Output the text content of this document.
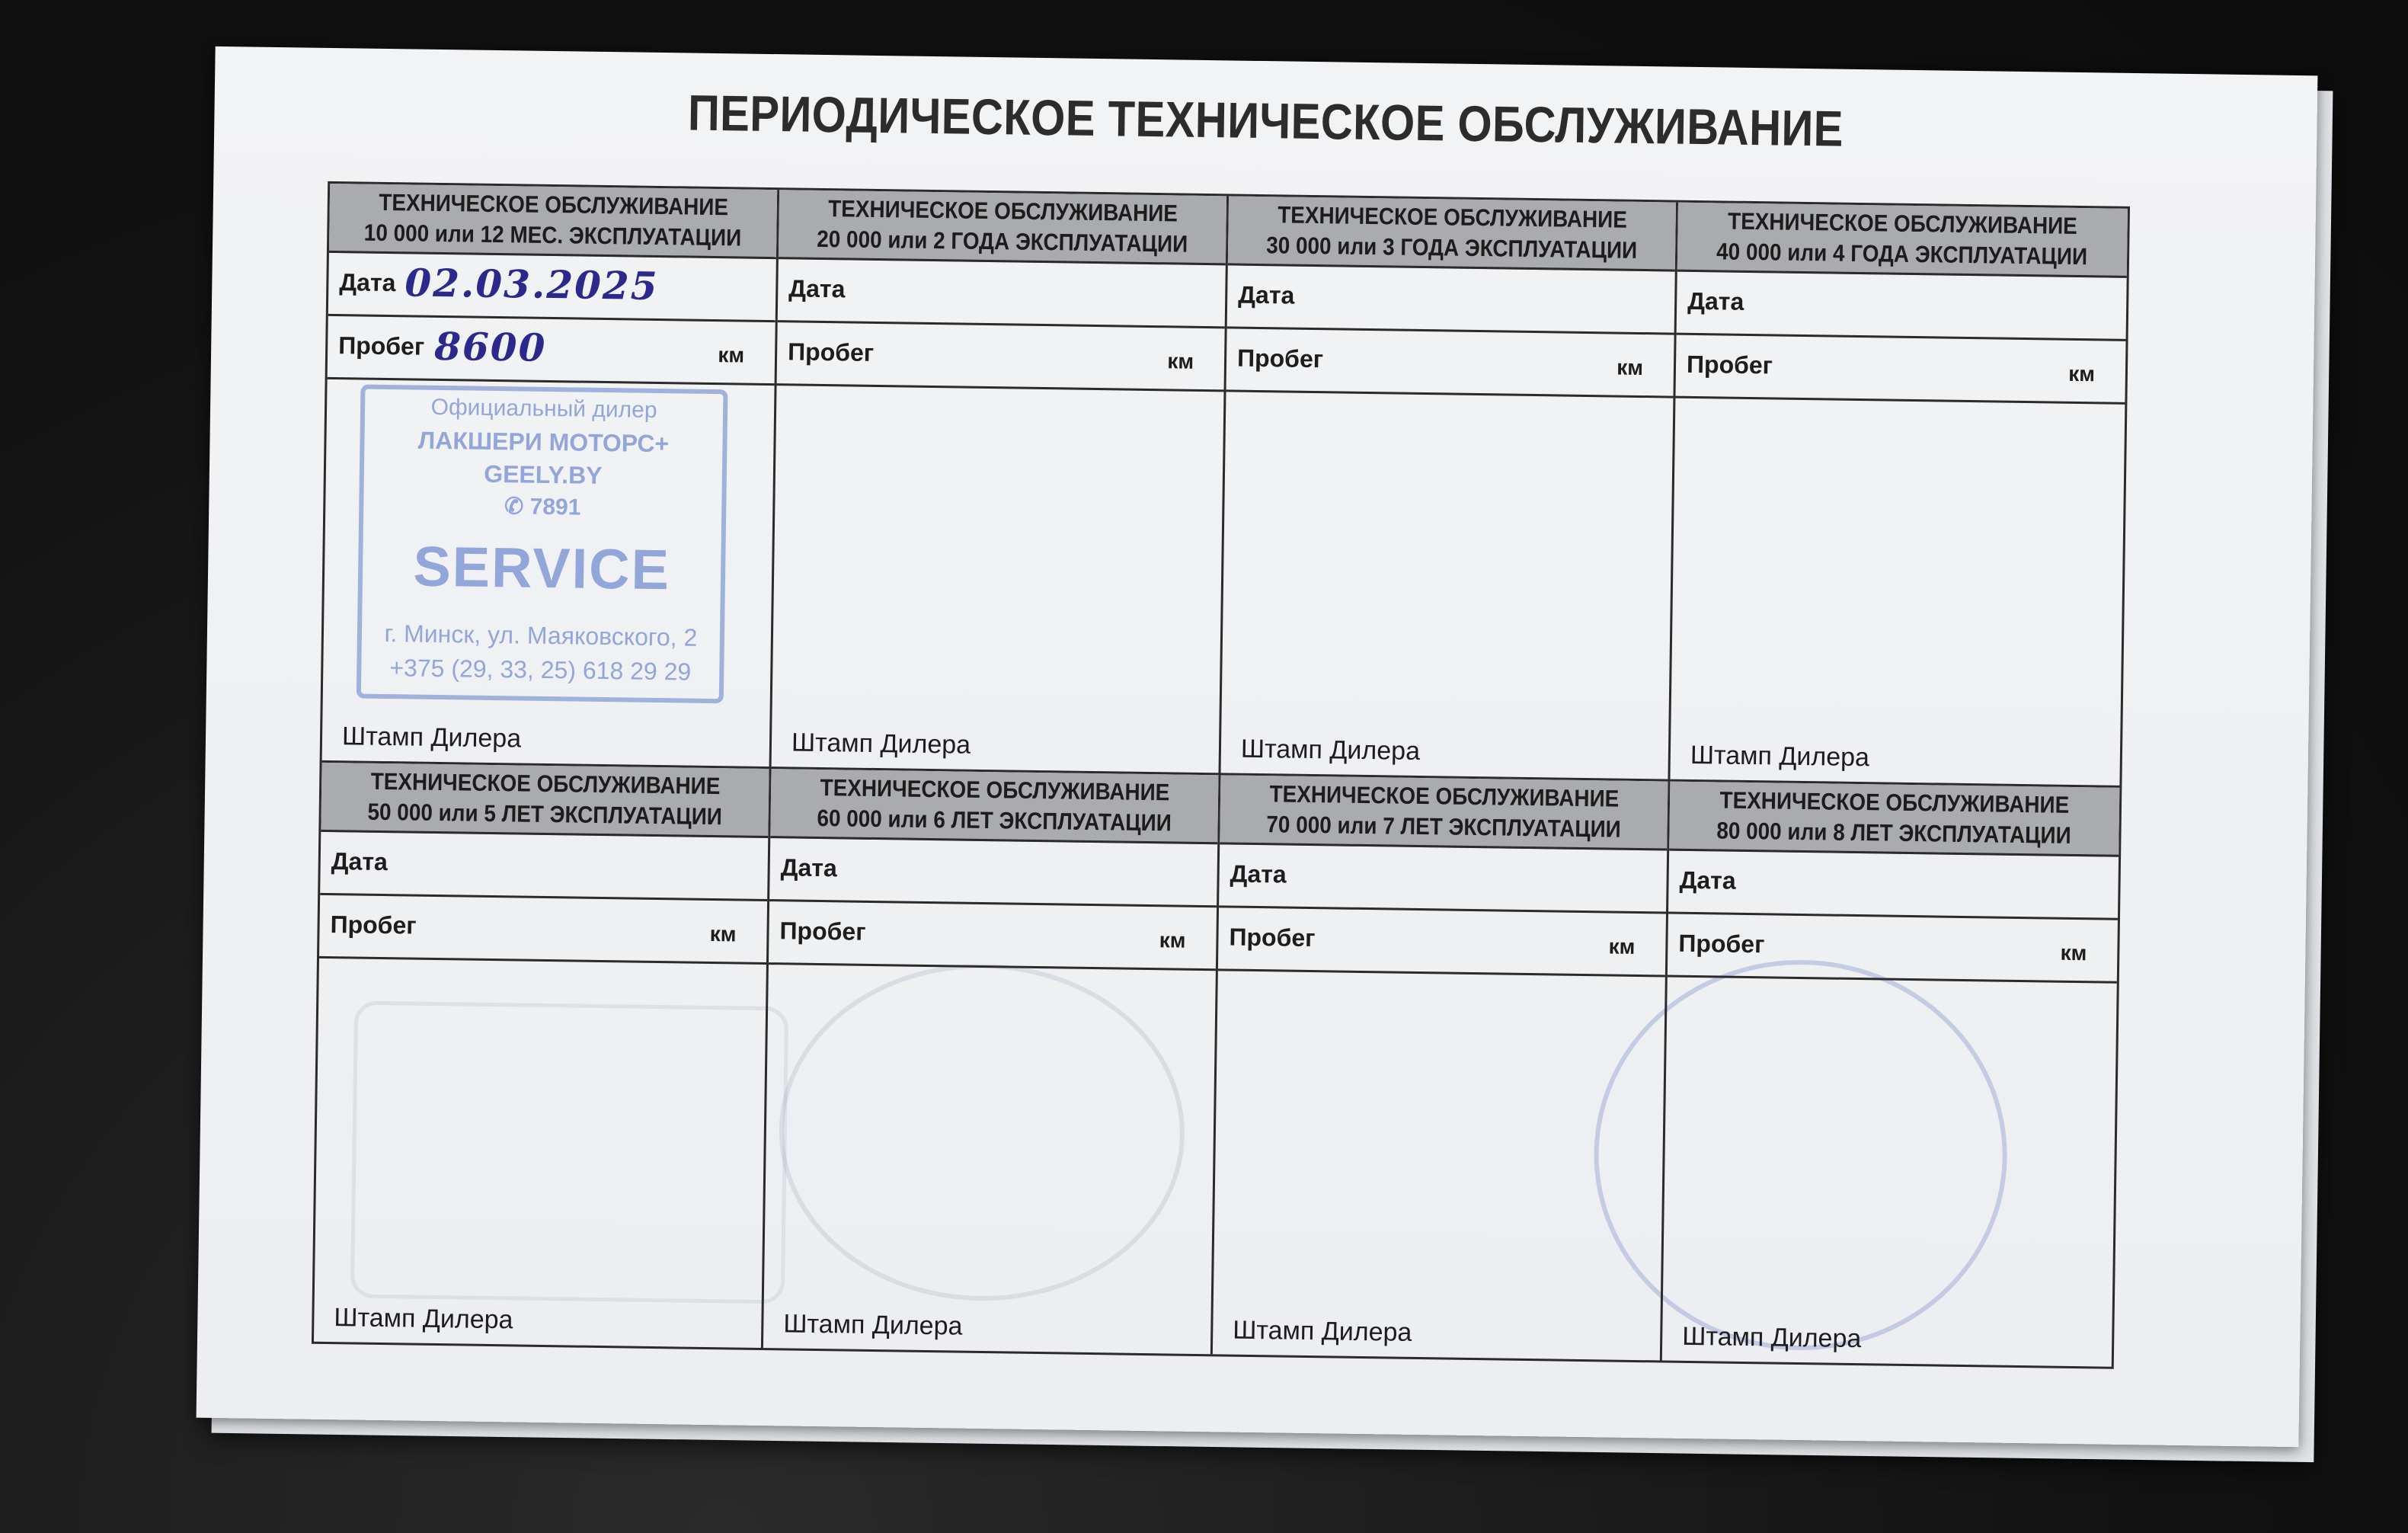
ПЕРИОДИЧЕСКОЕ ТЕХНИЧЕСКОЕ ОБСЛУЖИВАНИЕ
ТЕХНИЧЕСКОЕ ОБСЛУЖИВАНИЕ
10 000 или 12 МЕС. ЭКСПЛУАТАЦИИ
Дата 02.03.2025
Пробег 8600	км
Официальный дилер
ЛАКШЕРИ МОТОРС+
GEELY.BY
✆ 7891
SERVICE
г. Минск, ул. Маяковского, 2
+375 (29, 33, 25) 618 29 29
Штамп Дилера
ТЕХНИЧЕСКОЕ ОБСЛУЖИВАНИЕ
20 000 или 2 ГОДА ЭКСПЛУАТАЦИИ
Дата
Пробег	км
Штамп Дилера
ТЕХНИЧЕСКОЕ ОБСЛУЖИВАНИЕ
30 000 или 3 ГОДА ЭКСПЛУАТАЦИИ
Дата
Пробег	км
Штамп Дилера
ТЕХНИЧЕСКОЕ ОБСЛУЖИВАНИЕ
40 000 или 4 ГОДА ЭКСПЛУАТАЦИИ
Дата
Пробег	км
Штамп Дилера
ТЕХНИЧЕСКОЕ ОБСЛУЖИВАНИЕ
50 000 или 5 ЛЕТ ЭКСПЛУАТАЦИИ
Дата
Пробег	км
Штамп Дилера
ТЕХНИЧЕСКОЕ ОБСЛУЖИВАНИЕ
60 000 или 6 ЛЕТ ЭКСПЛУАТАЦИИ
Дата
Пробег	км
Штамп Дилера
ТЕХНИЧЕСКОЕ ОБСЛУЖИВАНИЕ
70 000 или 7 ЛЕТ ЭКСПЛУАТАЦИИ
Дата
Пробег	км
Штамп Дилера
ТЕХНИЧЕСКОЕ ОБСЛУЖИВАНИЕ
80 000 или 8 ЛЕТ ЭКСПЛУАТАЦИИ
Дата
Пробег	км
Штамп Дилера
